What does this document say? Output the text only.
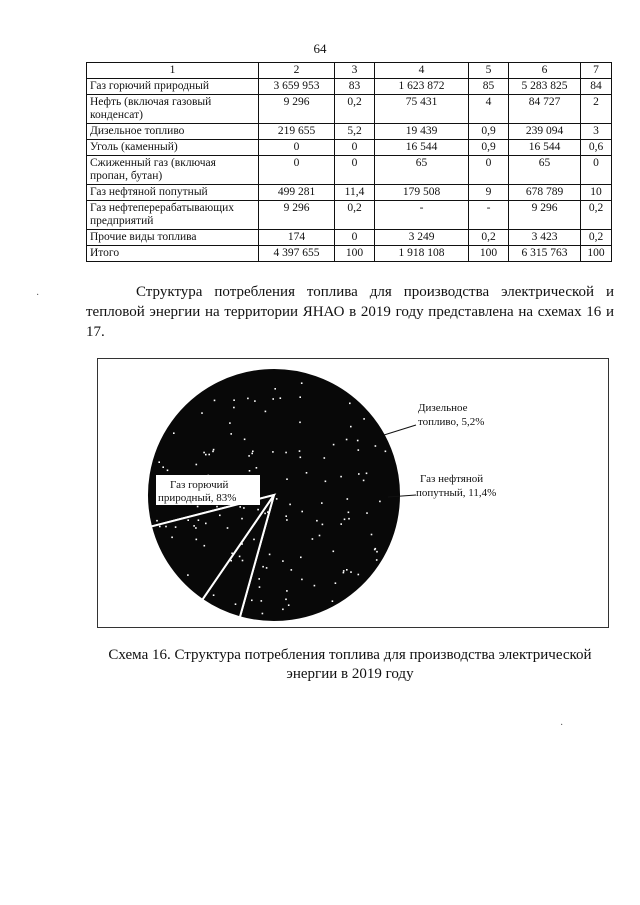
64
1	2	3	4	5	6	7
Газ горючий природный	3 659 953	83	1 623 872	85	5 283 825	84
Нефть (включая газовый конденсат)	9 296	0,2	75 431	4	84 727	2
Дизельное топливо	219 655	5,2	19 439	0,9	239 094	3
Уголь (каменный)	0	0	16 544	0,9	16 544	0,6
Сжиженный газ (включая пропан, бутан)	0	0	65	0	65	0
Газ нефтяной попутный	499 281	11,4	179 508	9	678 789	10
Газ нефтеперерабатывающих предприятий	9 296	0,2	-	-	9 296	0,2
Прочие виды топлива	174	0	3 249	0,2	3 423	0,2
Итого	4 397 655	100	1 918 108	100	6 315 763	100
Структура потребления топлива для производства электрической и тепловой энергии на территории ЯНАО в 2019 году представлена на схемах 16 и 17.
Газ горючий
природный, 83%
Дизельное
топливо, 5,2%
Газ нефтяной
попутный, 11,4%
Схема 16. Структура потребления топлива для производства электрической энергии в 2019 году
·
·
